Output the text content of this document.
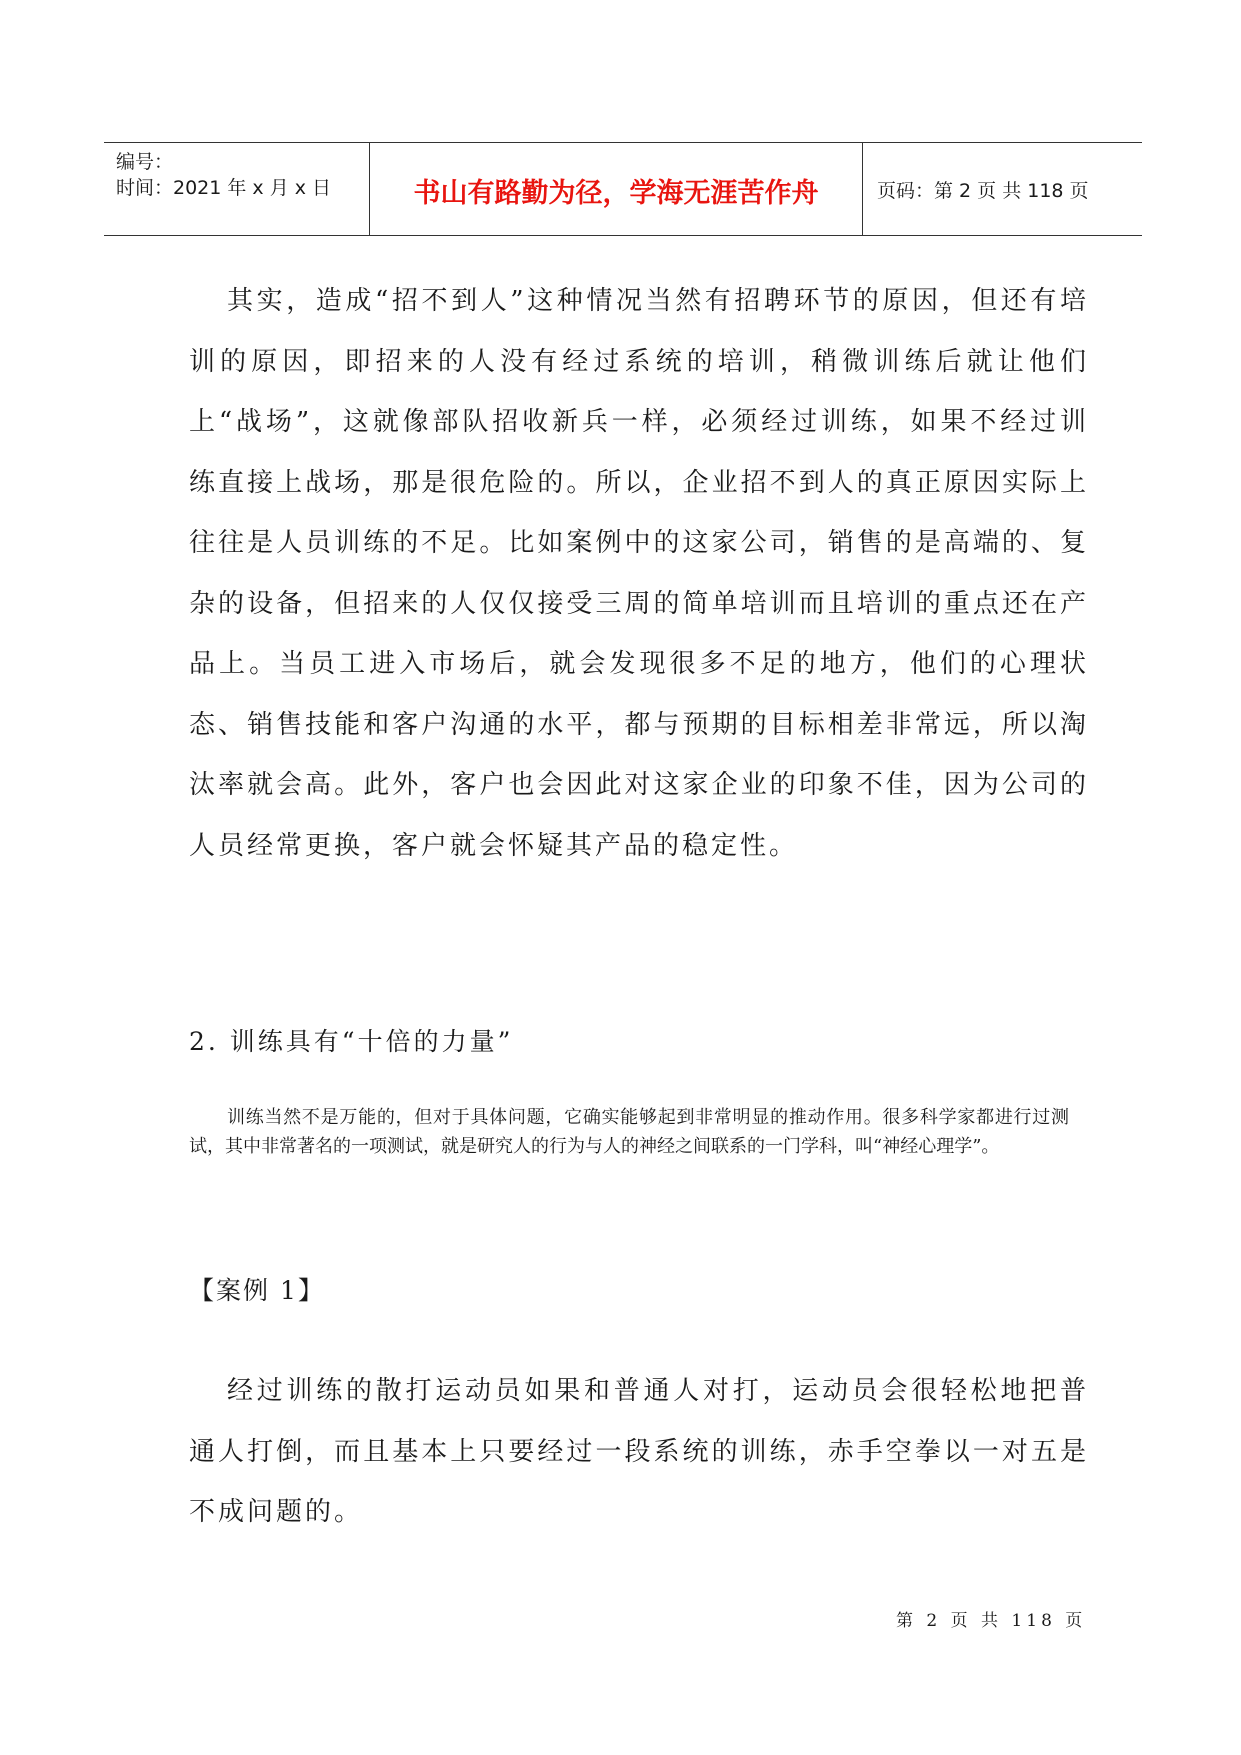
编号：
时间：2021 年 x 月 x 日	书山有路勤为径，学海无涯苦作舟	页码：第 2 页 共 118 页

其实，造成“招不到人”这种情况当然有招聘环节的原因，但还有培训的原因，即招来的人没有经过系统的培训，稍微训练后就让他们上“战场”，这就像部队招收新兵一样，必须经过训练，如果不经过训练直接上战场，那是很危险的。所以，企业招不到人的真正原因实际上往往是人员训练的不足。比如案例中的这家公司，销售的是高端的、复杂的设备，但招来的人仅仅接受三周的简单培训而且培训的重点还在产品上。当员工进入市场后，就会发现很多不足的地方，他们的心理状态、销售技能和客户沟通的水平，都与预期的目标相差非常远，所以淘汰率就会高。此外，客户也会因此对这家企业的印象不佳，因为公司的人员经常更换，客户就会怀疑其产品的稳定性。

2. 训练具有“十倍的力量”

训练当然不是万能的，但对于具体问题，它确实能够起到非常明显的推动作用。很多科学家都进行过测试，其中非常著名的一项测试，就是研究人的行为与人的神经之间联系的一门学科，叫“神经心理学”。

【案例 1】

经过训练的散打运动员如果和普通人对打，运动员会很轻松地把普通人打倒，而且基本上只要经过一段系统的训练，赤手空拳以一对五是不成问题的。

第 2 页 共 118 页
